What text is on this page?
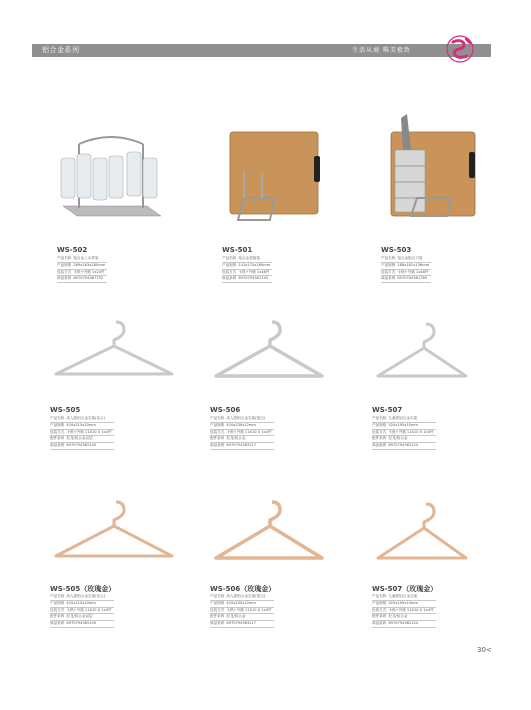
铝合金系列	生活从商 唯美极致
WS-502
产品名称	铝合金八头杯架
产品规格	269x163x180mm
包装方式	卡纸+外箱 1x24件
商品条码	6970794367752
WS-501
产品名称	铝合金菜板架
产品规格	141x170x160mm
包装方式	卡纸+外箱 1x48件
商品条码	6970794361745
WS-503
产品名称	铝合金组合刀架
产品规格	188x161x136mm
包装方式	卡纸+外箱 1x48件
商品条码	6970794361769
WS-505
产品名称	成人款铝合金衣架(实心)
产品规格	420x215x10mm
包装方式	卡纸+外箱 11X10 X 1x4件
配件条码	尼龙/铝合金双层
商品条码	6970794362100
WS-506
产品名称	成人款铝合金衣架(宽边)
产品规格	420x230x12mm
包装方式	卡纸+外箱 11X10 X 1x4件
配件条码	尼龙/铝合金
商品条码	6970794363117
WS-507
产品名称	儿童款铝合金衣架
产品规格	320x195x10mm
包装方式	卡纸+外箱 11X10 X 1x4件
配件条码	尼龙/铝合金
商品条码	6970794362124
WS-505（玫瑰金）
产品名称	成人款铝合金衣架(实心)
产品规格	420x215x10mm
包装方式	卡纸+外箱 11X10 X 1x4件
配件条码	尼龙/铝合金双层
商品条码	6970794362100
WS-506（玫瑰金）
产品名称	成人款铝合金衣架(宽边)
产品规格	420x230x12mm
包装方式	卡纸+外箱 11X10 X 1x4件
配件条码	尼龙/铝合金
商品条码	6970794363117
WS-507（玫瑰金）
产品名称	儿童款铝合金衣架
产品规格	320x195x10mm
包装方式	卡纸+外箱 11X10 X 1x4件
配件条码	尼龙/铝合金
商品条码	6970794362124
30<
